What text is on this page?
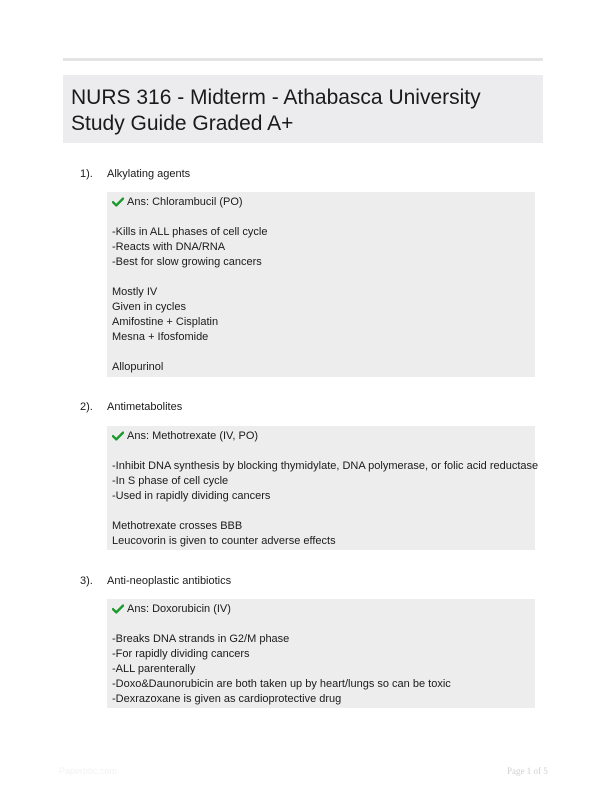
NURS 316 - Midterm - Athabasca University
Study Guide Graded A+
1). Alkylating agents
Ans: Chlorambucil (PO)
-Kills in ALL phases of cell cycle
-Reacts with DNA/RNA
-Best for slow growing cancers
Mostly IV
Given in cycles
Amifostine + Cisplatin
Mesna + Ifosfomide
Allopurinol
2). Antimetabolites
Ans: Methotrexate (IV, PO)
-Inhibit DNA synthesis by blocking thymidylate, DNA polymerase, or folic acid reductase
-In S phase of cell cycle
-Used in rapidly dividing cancers
Methotrexate crosses BBB
Leucovorin is given to counter adverse effects
3). Anti-neoplastic antibiotics
Ans: Doxorubicin (IV)
-Breaks DNA strands in G2/M phase
-For rapidly dividing cancers
-ALL parenterally
-Doxo&Daunorubicin are both taken up by heart/lungs so can be toxic
-Dexrazoxane is given as cardioprotective drug
Paperbbc.com	Page 1 of 5
